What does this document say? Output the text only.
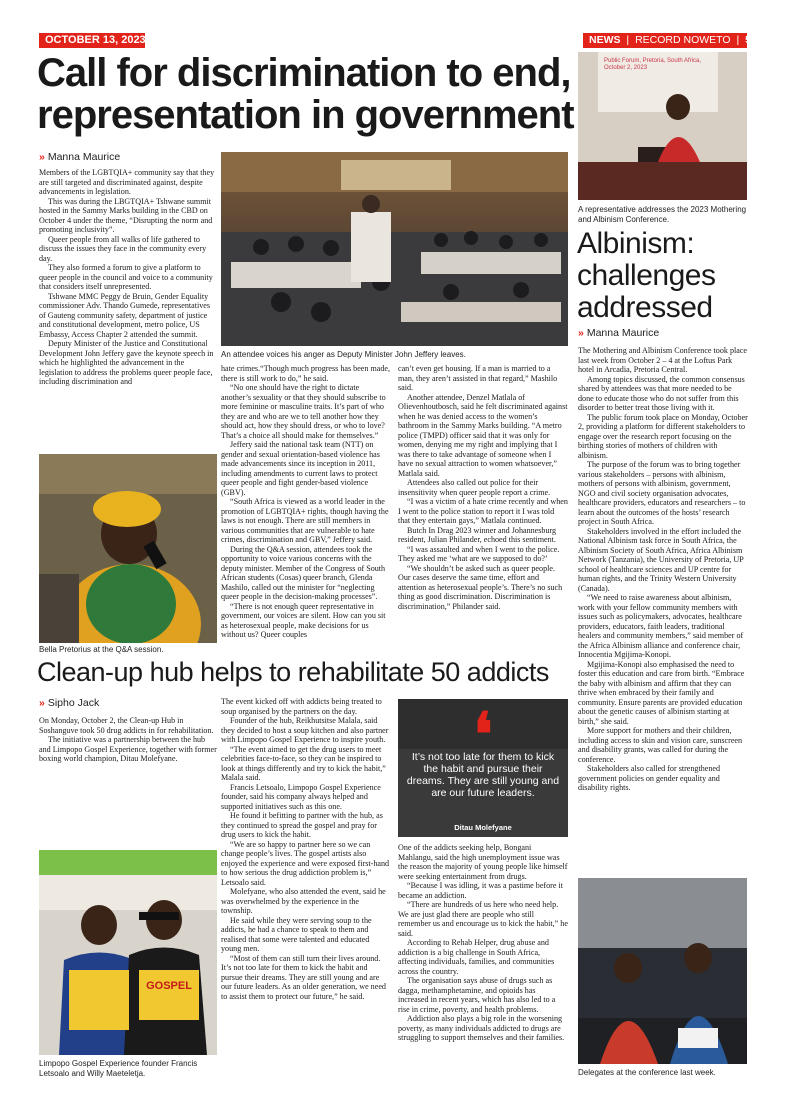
OCTOBER 13, 2023	NEWS | RECORD NOWETO | 5
Call for discrimination to end,
representation in government
» Manna Maurice

Members of the LGBTQIA+ community say that they are still targeted and discriminated against, despite advancements in legislation.

This was during the LBGTQIA+ Tshwane summit hosted in the Sammy Marks building in the CBD on October 4 under the theme, “Disrupting the norm and promoting inclusivity”.

Queer people from all walks of life gathered to discuss the issues they face in the community every day.

They also formed a forum to give a platform to queer people in the council and voice to a community that considers itself unrepresented.

Tshwane MMC Peggy de Bruin, Gender Equality commissioner Adv. Thando Gumede, representatives of Gauteng community safety, department of justice and constitutional development, metro police, US Embassy, Access Chapter 2 attended the summit.

Deputy Minister of the Justice and Constitutional Development John Jeffery gave the keynote speech in which he highlighted the advancement in the legislation to address the problems queer people face, including discrimination and

An attendee voices his anger as Deputy Minister John Jeffery leaves.

hate crimes.“Though much progress has been made, there is still work to do,” he said.

“No one should have the right to dictate another’s sexuality or that they should subscribe to more feminine or masculine traits. It’s part of who they are and who are we to tell another how they should act, how they should dress, or who to love? That’s a choice all should make for themselves.”

Jeffery said the national task team (NTT) on gender and sexual orientation-based violence has made advancements since its inception in 2011, including amendments to current laws to protect queer people and fight gender-based violence (GBV).

“South Africa is viewed as a world leader in the promotion of LGBTQIA+ rights, though having the laws is not enough. There are still members in various communities that are vulnerable to hate crimes, discrimination and GBV,” Jeffery said.

During the Q&A session, attendees took the opportunity to voice various concerns with the deputy minister. Member of the Congress of South African students (Cosas) queer branch, Glenda Mashilo, called out the minister for “neglecting queer people in the decision-making processes”.

“There is not enough queer representative in government, our voices are silent. How can you sit as heterosexual people, make decisions for us without us? Queer couples

can’t even get housing. If a man is married to a man, they aren’t assisted in that regard,” Mashilo said.

Another attendee, Denzel Matlala of Olievenhoutbosch, said he felt discriminated against when he was denied access to the women’s bathroom in the Sammy Marks building. “A metro police (TMPD) officer said that it was only for women, denying me my right and implying that I was there to take advantage of someone when I have no sexual attraction to women whatsoever,” Matlala said.

Attendees also called out police for their insensitivity when queer people report a crime.

“I was a victim of a hate crime recently and when I went to the police station to report it I was told that they entertain gays,” Matlala continued.

Butch In Drag 2023 winner and Johannesburg resident, Julian Philander, echoed this sentiment.

“I was assaulted and when I went to the police. They asked me ‘what are we supposed to do?’

“We shouldn’t be asked such as queer people. Our cases deserve the same time, effort and attention as heterosexual people’s. There’s no such thing as good discrimination. Discrimination is discrimination,” Philander said.

Bella Pretorius at the Q&A session.
Clean-up hub helps to rehabilitate 50 addicts
» Sipho Jack

On Monday, October 2, the Clean-up Hub in Soshanguve took 50 drug addicts in for rehabilitation.

The initiative was a partnership between the hub and Limpopo Gospel Experience, together with former boxing world champion, Ditau Molefyane.

GOSPEL
Limpopo Gospel Experience founder Francis Letsoalo and Willy Maeteletja.

The event kicked off with addicts being treated to soup organised by the partners on the day.

Founder of the hub, Reikhutsitse Malala, said they decided to host a soup kitchen and also partner with Limpopo Gospel Experience to inspire youth.

“The event aimed to get the drug users to meet celebrities face-to-face, so they can be inspired to look at things differently and try to kick the habit,” Malala said.

Francis Letsoalo, Limpopo Gospel Experience founder, said his company always helped and supported initiatives such as this one.

He found it befitting to partner with the hub, as they continued to spread the gospel and pray for drug users to kick the habit.

“We are so happy to partner here so we can change people’s lives. The gospel artists also enjoyed the experience and were exposed first-hand to how serious the drug addiction problem is,” Letsoalo said.

Molefyane, who also attended the event, said he was overwhelmed by the experience in the township.

He said while they were serving soup to the addicts, he had a chance to speak to them and realised that some were talented and educated young men.

“Most of them can still turn their lives around. It’s not too late for them to kick the habit and pursue their dreams. They are still young and are our future leaders. As an older generation, we need to assist them to protect our future,” he said.

❛
It’s not too late for them to kick the habit and pursue their dreams. They are still young and are our future leaders.
Ditau Molefyane

One of the addicts seeking help, Bongani Mahlangu, said the high unemployment issue was the reason the majority of young people like himself were seeking entertainment from drugs.

“Because I was idling, it was a pastime before it became an addiction.

“There are hundreds of us here who need help. We are just glad there are people who still remember us and encourage us to kick the habit,” he said.

According to Rehab Helper, drug abuse and addiction is a big challenge in South Africa, affecting individuals, families, and communities across the country.

The organisation says abuse of drugs such as dagga, methamphetamine, and opioids has increased in recent years, which has also led to a rise in crime, poverty, and health problems.

Addiction also plays a big role in the worsening poverty, as many individuals addicted to drugs are struggling to support themselves and their families.

Public Forum, Pretoria, South Africa, October 2, 2023
A representative addresses the 2023 Mothering and Albinism Conference.
Albinism:
challenges
addressed
» Manna Maurice

The Mothering and Albinism Conference took place last week from October 2 – 4 at the Loftus Park hotel in Arcadia, Pretoria Central.

Among topics discussed, the common consensus shared by attendees was that more needed to be done to educate those who do not suffer from this disorder to better treat those living with it.

The public forum took place on Monday, October 2, providing a platform for different stakeholders to engage over the research report focusing on the birthing stories of mothers of children with albinism.

The purpose of the forum was to bring together various stakeholders – persons with albinism, mothers of persons with albinism, government, NGO and civil society organisation advocates, healthcare providers, educators and researchers – to learn about the outcomes of the hosts’ research project in South Africa.

Stakeholders involved in the effort included the National Albinism task force in South Africa, the Albinism Society of South Africa, Africa Albinism Network (Tanzania), the University of Pretoria, UP school of healthcare sciences and UP centre for human rights, and the Trinity Western University (Canada).

“We need to raise awareness about albinism, work with your fellow community members with issues such as policymakers, advocates, healthcare providers, educators, faith leaders, traditional healers and community members,” said member of the Africa Albinism alliance and conference chair, Innocentia Mgijima-Konopi.

Mgijima-Konopi also emphasised the need to foster this education and care from birth. “Embrace the baby with albinism and affirm that they can thrive when embraced by their family and community. Ensure parents are provided education about the genetic causes of albinism starting at birth,” she said.

More support for mothers and their children, including access to skin and vision care, sunscreen and disability grants, was called for during the conference.

Stakeholders also called for strengthened government policies on gender equality and disability rights.

Delegates at the conference last week.
